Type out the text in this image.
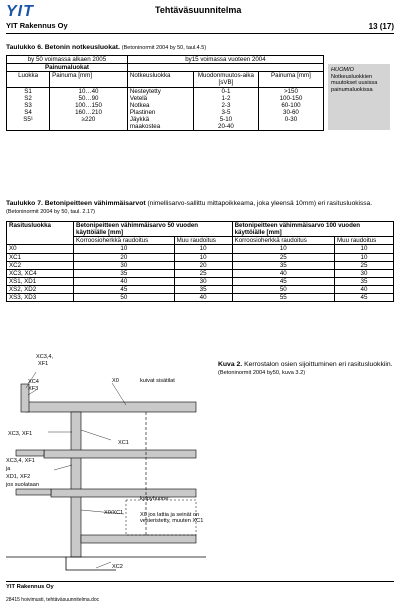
YIT
YIT Rakennus Oy
Tehtäväsuunnitelma
13 (17)
Taulukko 6. Betonin notkeusluokat. (Betoninormit 2004 by 50, taul.4.5)
by 50 voimassa alkaen 2005		by15 voimassa vuoteen 2004		
Painumaluokat				
Luokka	Painuma [mm]	Notkeusluokka	Muodonmuutos-aika [sVB]	Painuma [mm]
S1	10…40	Nesteytetty	0-1	>150
S2	50…90	Vetelä	1-2	100-150
S3	100…150	Notkea	2-3	60-100
S4	160…210	Plastinen	3-5	30-60
S5¹	≥220	Jäykkä	5-10	0-30
		maakostea	20-40	
HUOMIO
Notkeusluokkien muutokset uusissa painumaluokissa
Taulukko 7. Betonipeitteen vähimmäisarvot (nimellisarvo-sallittu mittapoikkeama, joka yleensä 10mm) eri rasitusluokissa. (Betoninormit 2004 by 50, taul. 2.17)
Rasitusluokka	Betonipeitteen vähimmäisarvo 50 vuoden käyttöiälle [mm]		Betonipeitteen vähimmäisarvo 100 vuoden käyttöiälle [mm]	
	Korroosioherkkä raudoitus	Muu raudoitus	Korroosioherkkä raudoitus	Muu raudoitus
X0	10	10	10	10
XC1	20	10	25	10
XC2	30	20	35	25
XC3, XC4	35	25	40	30
XS1, XD1	40	30	45	35
XS2, XD2	45	35	50	40
XS3, XD3	50	40	55	45
XC3,4,
XF1
XC4
XF3
XC3, XF1
X0	kuivat sisätilat
XC1
XC3,4, XF1
ja
XD1, XF2
jos suolataan
kylpyhuone:
X0/XC1	X0 jos lattia ja seinät on vesieristetty, muuten XC1
XC2
Kuva 2. Kerrostalon osien sijoittuminen eri rasitusluokkiin.
(Betoninormit 2004 by50, kuva 3.2)
YIT Rakennus Oy
28415 hoivimusti, tehtäväsuunnitelma.doc
